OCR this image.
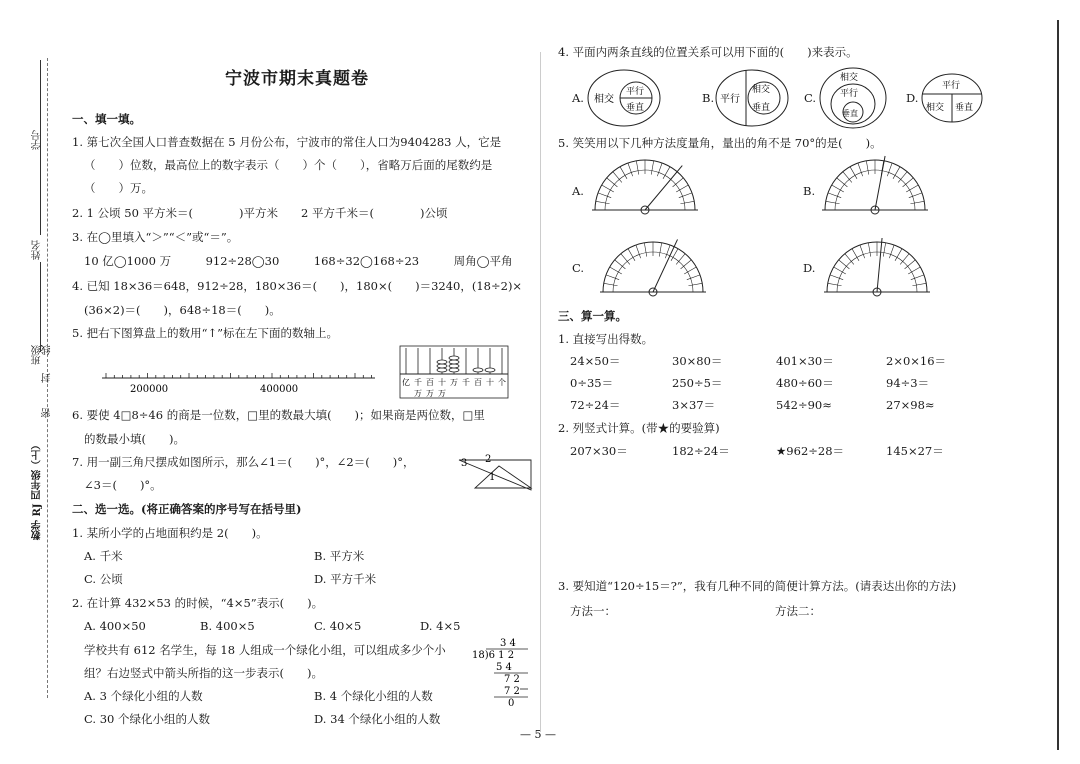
学号
姓名
班级 线
封
密
数学 RJ 四年级（上）
宁波市期末真题卷
一、填一填。
1. 第七次全国人口普查数据在 5 月份公布，宁波市的常住人口为9404283 人，它是
（　　）位数，最高位上的数字表示（　　）个（　　），省略万后面的尾数约是
（　　）万。
2. 1 公顷 50 平方米＝(　　　　)平方米　　2 平方千米＝(　　　　)公顷
3. 在◯里填入“＞”“＜”或“＝”。
10 亿◯1000 万　　　912÷28◯30　　　168÷32◯168÷23　　　周角◯平角
4. 已知 18×36＝648，912÷28，180×36＝(　　)，180×(　　)＝3240，(18÷2)×
(36×2)＝(　　)，648÷18＝(　　)。
5. 把右下图算盘上的数用“↑”标在左下面的数轴上。
200000	400000
亿 千 百 十 万 千 百 十 个
万 万 万
6. 要使 4□8÷46 的商是一位数，□里的数最大填(　　)；如果商是两位数，□里
的数最小填(　　)。
7. 用一副三角尺摆成如图所示，那么∠1＝(　　)°，∠2＝(　　)°，
∠3＝(　　)°。
3 2
1
二、选一选。(将正确答案的序号写在括号里)
1. 某所小学的占地面积约是 2(　　)。
A. 千米	B. 平方米
C. 公顷	D. 平方千米
2. 在计算 432×53 的时候，“4×5”表示(　　)。
A. 400×50	B. 400×5	C. 40×5	D. 4×5
学校共有 612 名学生，每 18 人组成一个绿化小组，可以组成多少个小
组？右边竖式中箭头所指的这一步表示(　　)。
A. 3 个绿化小组的人数	B. 4 个绿化小组的人数
C. 30 个绿化小组的人数	D. 34 个绿化小组的人数
3 4
18)6 1 2
5 4
7 2
7 2
0
4. 平面内两条直线的位置关系可以用下面的(　　)来表示。
A. 相交
平行
垂直
B. 平行
相交
垂直
C.
相交
平行
垂直
D.
平行
相交 垂直
5. 笑笑用以下几种方法度量角，量出的角不是 70°的是(　　)。
A.	B.
C.	D.
三、算一算。
1. 直接写出得数。
24×50＝	30×80＝	401×30＝	2×0×16＝
0÷35＝	250÷5＝	480÷60＝	94÷3＝
72÷24＝	3×37＝	542÷90≈	27×98≈
2. 列竖式计算。(带★的要验算)
207×30＝	182÷24＝	★962÷28＝	145×27＝
3. 要知道“120÷15＝?”，我有几种不同的简便计算方法。(请表达出你的方法)
方法一：	方法二：
— 5 —
